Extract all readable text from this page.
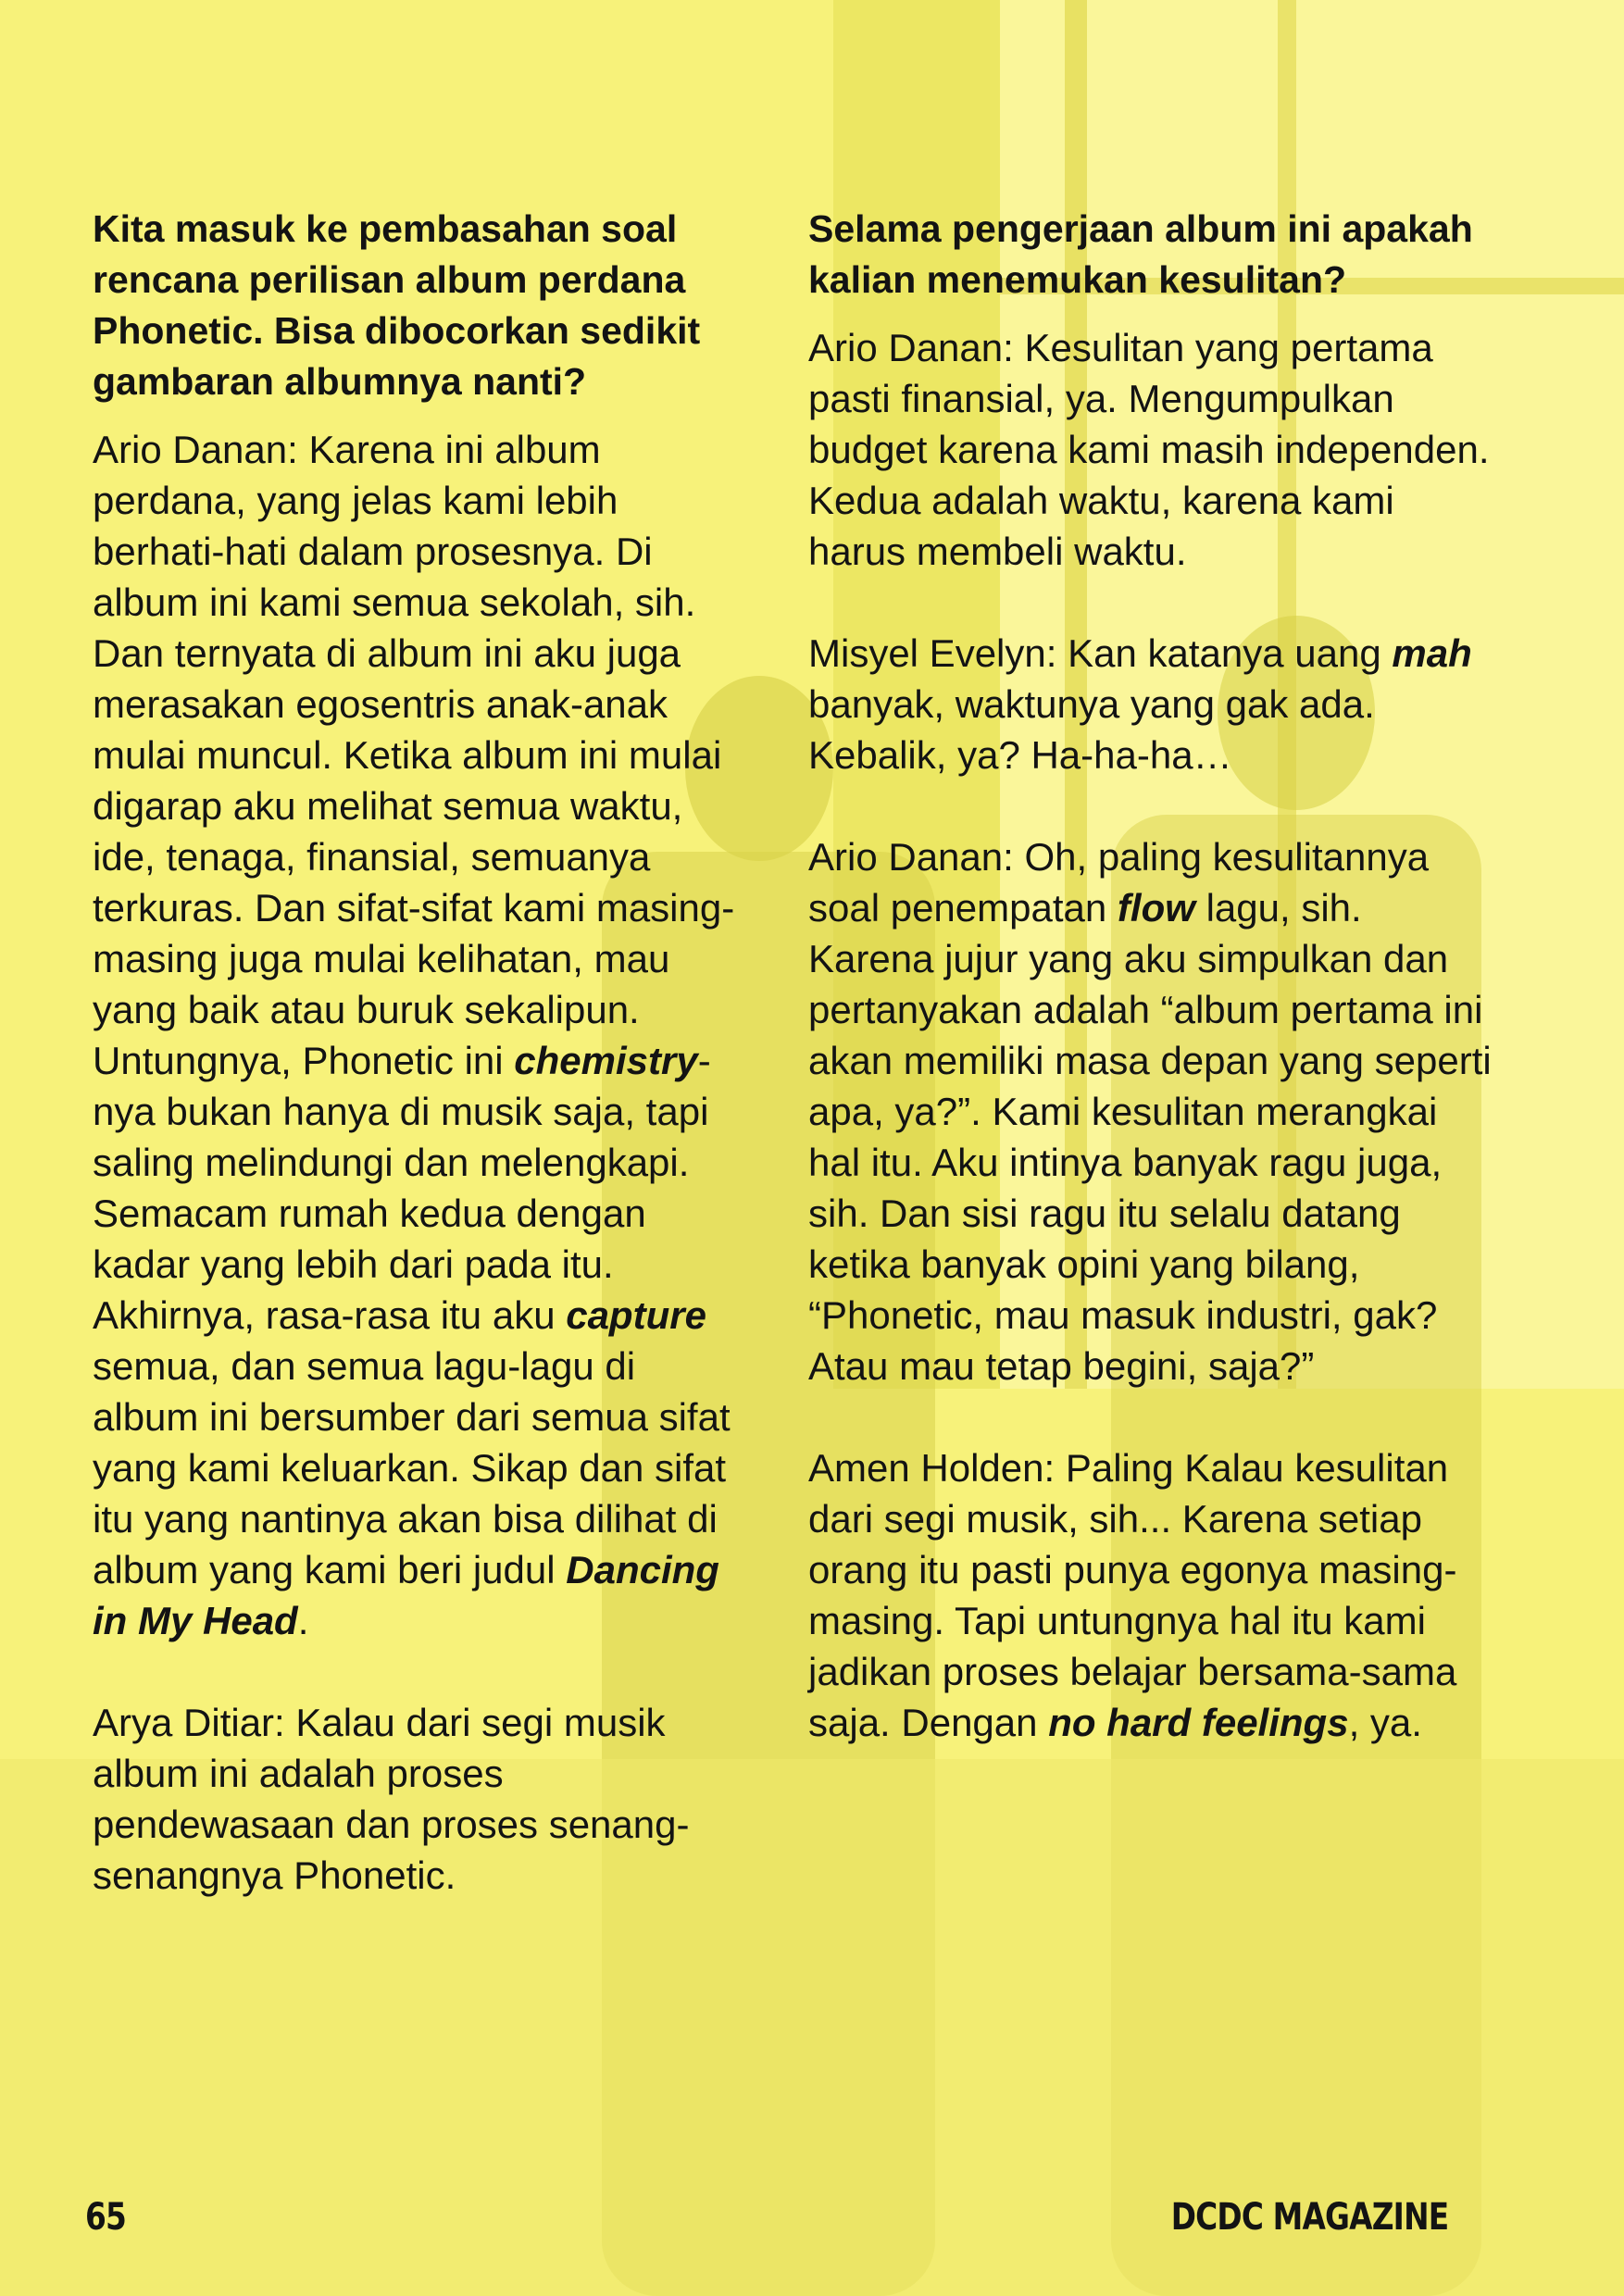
Kita masuk ke pembasahan soal rencana perilisan album perdana Phonetic. Bisa dibocorkan sedikit gambaran albumnya nanti?
Ario Danan: Karena ini album perdana, yang jelas kami lebih berhati-hati dalam prosesnya. Di album ini kami semua sekolah, sih. Dan ternyata di album ini aku juga merasakan egosentris anak-anak mulai muncul. Ketika album ini mulai digarap aku melihat semua waktu, ide, tenaga, finansial, semuanya terkuras. Dan sifat-sifat kami masing-masing juga mulai kelihatan, mau yang baik atau buruk sekalipun. Untungnya, Phonetic ini chemistry-nya bukan hanya di musik saja, tapi saling melindungi dan melengkapi. Semacam rumah kedua dengan kadar yang lebih dari pada itu. Akhirnya, rasa-rasa itu aku capture semua, dan semua lagu-lagu di album ini bersumber dari semua sifat yang kami keluarkan. Sikap dan sifat itu yang nantinya akan bisa dilihat di album yang kami beri judul Dancing in My Head.
Arya Ditiar: Kalau dari segi musik album ini adalah proses pendewasaan dan proses senang-senangnya Phonetic.
Selama pengerjaan album ini apakah kalian menemukan kesulitan?
Ario Danan: Kesulitan yang pertama pasti finansial, ya. Mengumpulkan budget karena kami masih independen. Kedua adalah waktu, karena kami harus membeli waktu.
Misyel Evelyn: Kan katanya uang mah banyak, waktunya yang gak ada. Kebalik, ya? Ha-ha-ha…
Ario Danan: Oh, paling kesulitannya soal penempatan flow lagu, sih. Karena jujur yang aku simpulkan dan pertanyakan adalah “album pertama ini akan memiliki masa depan yang seperti apa, ya?”. Kami kesulitan merangkai hal itu. Aku intinya banyak ragu juga, sih. Dan sisi ragu itu selalu datang ketika banyak opini yang bilang, “Phonetic, mau masuk industri, gak? Atau mau tetap begini, saja?”
Amen Holden: Paling Kalau kesulitan dari segi musik, sih... Karena setiap orang itu pasti punya egonya masing-masing. Tapi untungnya hal itu kami jadikan proses belajar bersama-sama saja. Dengan no hard feelings, ya.
65	DCDC MAGAZINE
